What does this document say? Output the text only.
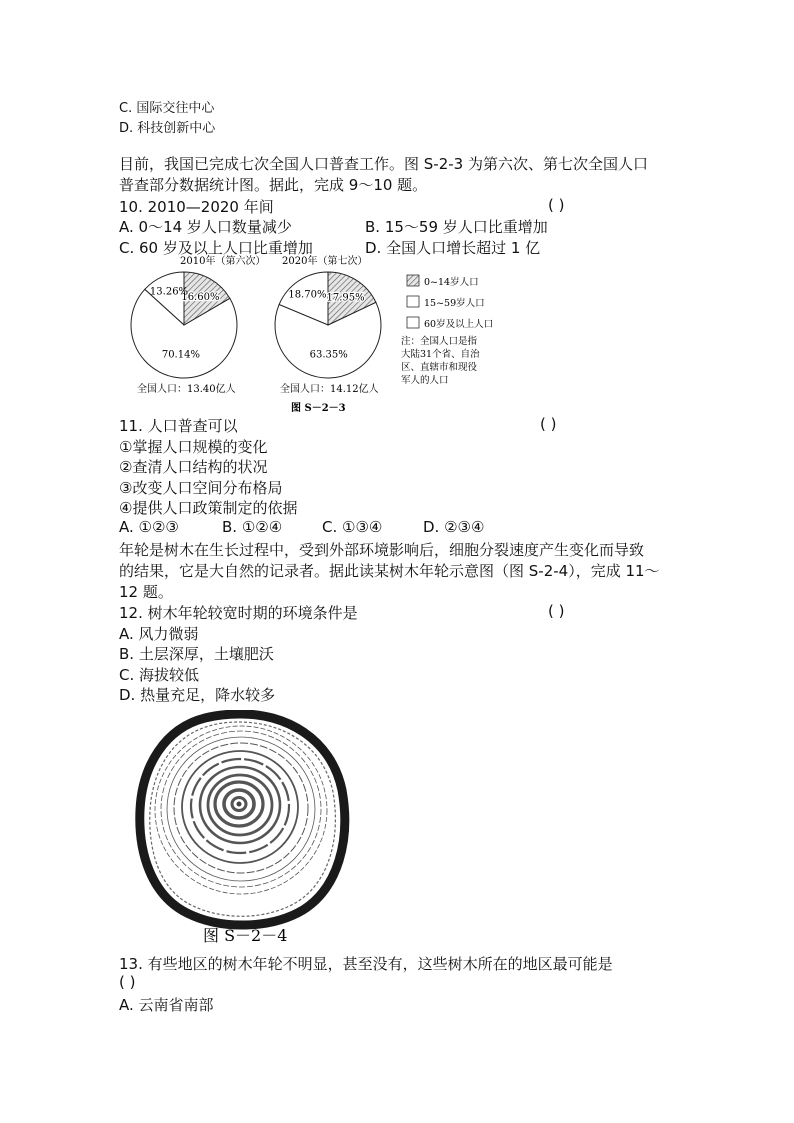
C. 国际交往中心
D. 科技创新中心
目前，我国已完成七次全国人口普查工作。图 S-2-3 为第六次、第七次全国人口
普查部分数据统计图。据此，完成 9～10 题。
10. 2010—2020 年间	( )
A. 0～14 岁人口数量减少	B. 15～59 岁人口比重增加
C. 60 岁及以上人口比重增加	D. 全国人口增长超过 1 亿
2010年（第六次）
16.60%
70.14%
13.26%
全国人口：13.40亿人
2020年（第七次）
17.95%
63.35%
18.70%
全国人口：14.12亿人
0~14岁人口
15~59岁人口
60岁及以上人口
注：全国人口是指
大陆31个省、自治
区、直辖市和现役
军人的人口
图 S－2－3
11. 人口普查可以	( )
①掌握人口规模的变化
②查清人口结构的状况
③改变人口空间分布格局
④提供人口政策制定的依据
A. ①②③	B. ①②④	C. ①③④	D. ②③④
年轮是树木在生长过程中，受到外部环境影响后，细胞分裂速度产生变化而导致
的结果，它是大自然的记录者。据此读某树木年轮示意图（图 S-2-4），完成 11～
12 题。
12. 树木年轮较宽时期的环境条件是	( )
A. 风力微弱
B. 土层深厚，土壤肥沃
C. 海拔较低
D. 热量充足，降水较多
图 S－2－4
13. 有些地区的树木年轮不明显，甚至没有，这些树木所在的地区最可能是
( )
A. 云南省南部
